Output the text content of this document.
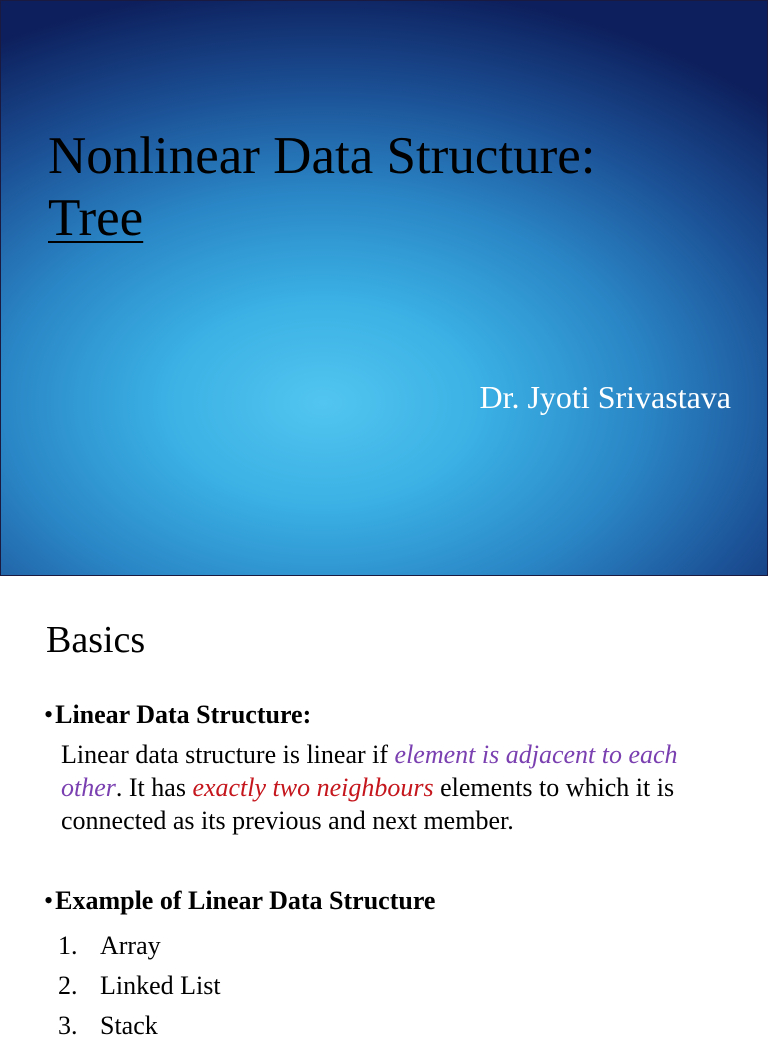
Nonlinear Data Structure:
Tree
Dr. Jyoti Srivastava
Basics
•Linear Data Structure:

Linear data structure is linear if element is adjacent to each other. It has exactly two neighbours elements to which it is connected as its previous and next member.

•Example of Linear Data Structure
1. Array
2. Linked List
3. Stack
